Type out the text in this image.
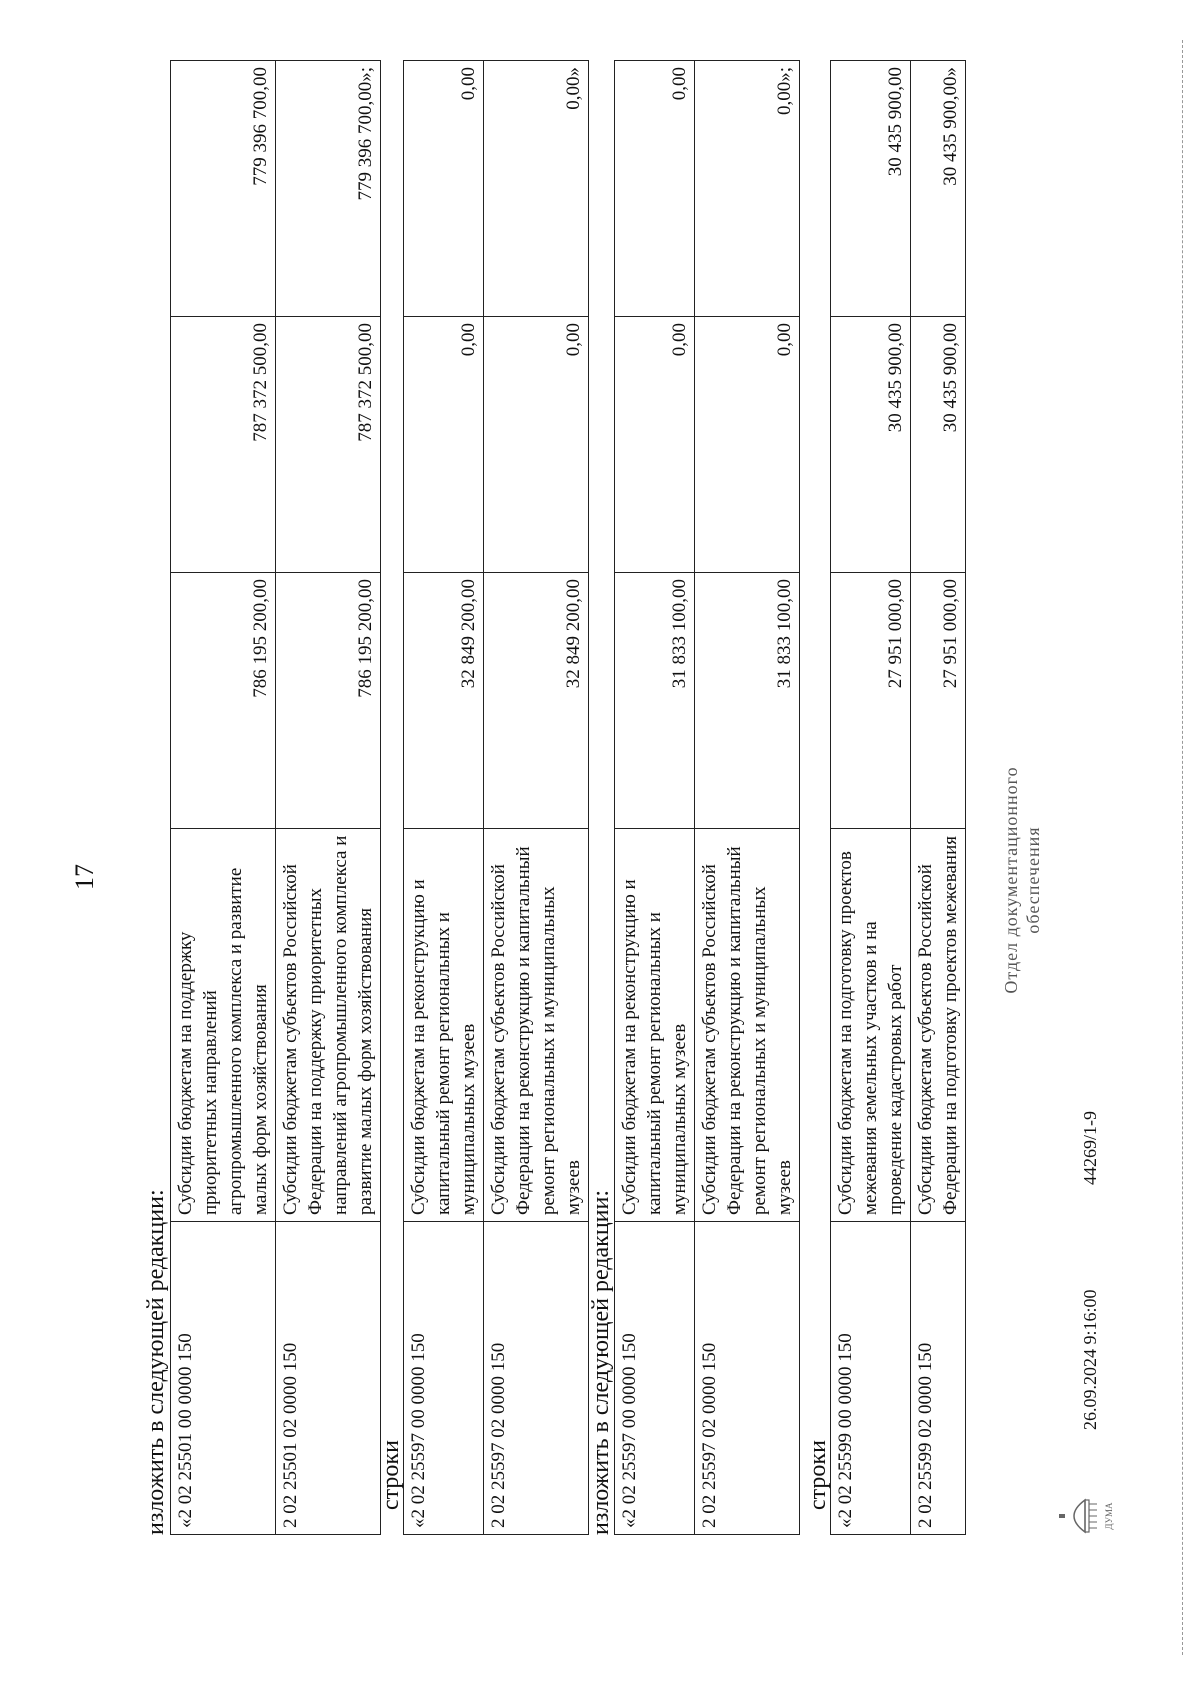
17
излoжить в следующей редакции: «2 02 25501 00 0000 150	Субсидии бюджетам на поддержку приоритетных направлений агропромышленного комплекса и развитие малых форм хозяйствования	786 195 200,00	787 372 500,00	779 396 700,00
2 02 25501 02 0000 150	Субсидии бюджетам субъектов Российской Федерации на поддержку приоритетных направлений агропромышленного комплекса и развитие малых форм хозяйствования	786 195 200,00	787 372 500,00	779 396 700,00»;
строки «2 02 25597 00 0000 150	Субсидии бюджетам на реконструкцию и капитальный ремонт региональных и муниципальных музеев	32 849 200,00	0,00	0,00
2 02 25597 02 0000 150	Субсидии бюджетам субъектов Российской Федерации на реконструкцию и капитальный ремонт региональных и муниципальных музеев	32 849 200,00	0,00	0,00»
изложить в следующей редакции: «2 02 25597 00 0000 150	Субсидии бюджетам на реконструкцию и капитальный ремонт региональных и муниципальных музеев	31 833 100,00	0,00	0,00
2 02 25597 02 0000 150	Субсидии бюджетам субъектов Российской Федерации на реконструкцию и капитальный ремонт региональных и муниципальных музеев	31 833 100,00	0,00	0,00»;
строки «2 02 25599 00 0000 150	Субсидии бюджетам на подготовку проектов межевания земельных участков и на проведение кадастровых работ	27 951 000,00	30 435 900,00	30 435 900,00
2 02 25599 02 0000 150	Субсидии бюджетам субъектов Российской Федерации на подготовку проектов межевания	27 951 000,00	30 435 900,00	30 435 900,00»
ДУМА
26.09.2024 9:16:00
44269/1-9
Отдел документационного обеспечения
